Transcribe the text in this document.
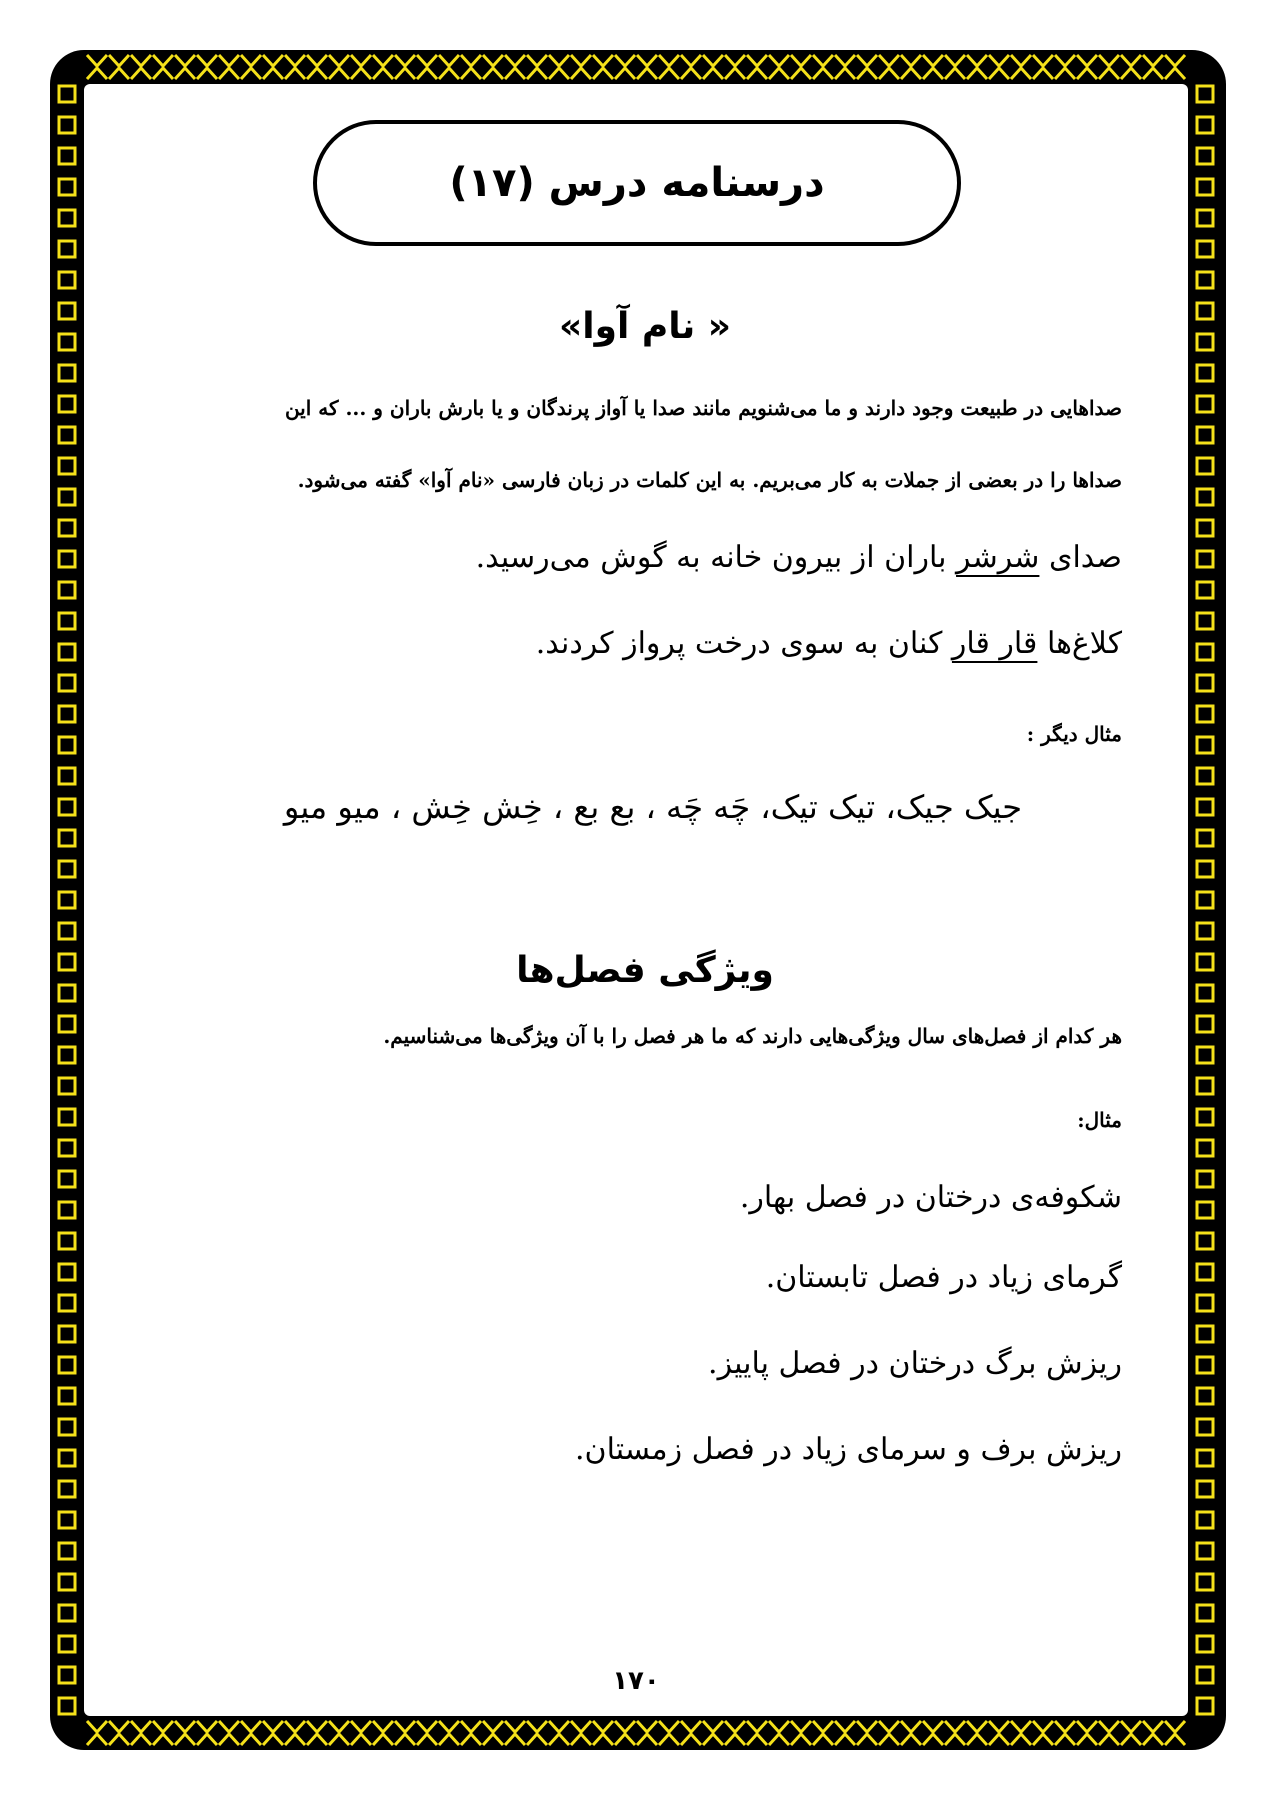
درسنامه درس (۱۷)
« نام آوا»
صداهایی در طبیعت وجود دارند و ما می‌شنویم مانند صدا یا آواز پرندگان و یا بارش باران و ... که این
صداها را در بعضی از جملات به کار می‌بریم. به این کلمات در زبان فارسی «نام آوا» گفته می‌شود.
صدای شرشر باران از بیرون خانه به گوش می‌رسید.
کلاغ‌ها قار قار کنان به سوی درخت پرواز کردند.
مثال دیگر :
جیک جیک، تیک تیک، چَه چَه ، بع بع ، خِش خِش ، میو میو
ویژگی فصل‌ها
هر کدام از فصل‌های سال ویژگی‌هایی دارند که ما هر فصل را با آن ویژگی‌ها می‌شناسیم.
مثال:
شکوفه‌ی درختان در فصل بهار.
گرمای زیاد در فصل تابستان.
ریزش برگ درختان در فصل پاییز.
ریزش برف و سرمای زیاد در فصل زمستان.
۱۷۰
